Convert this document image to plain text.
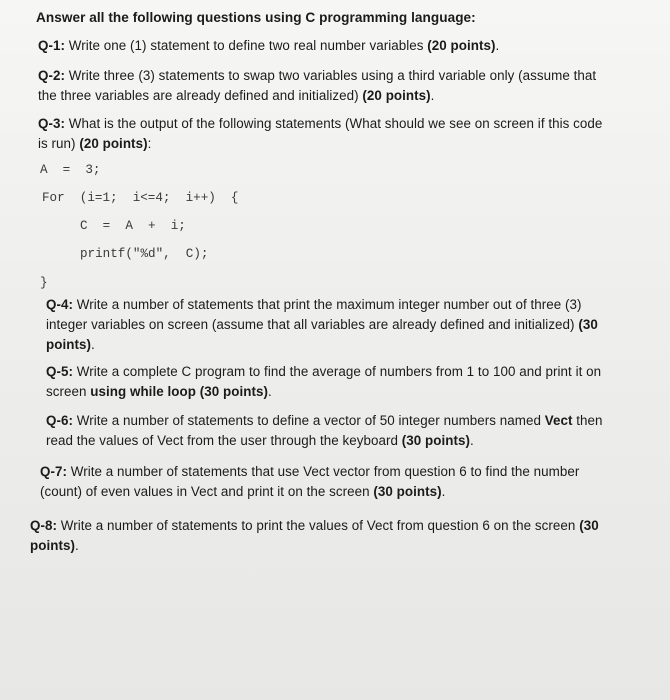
Answer all the following questions using C programming language:
Q-1: Write one (1) statement to define two real number variables (20 points).
Q-2: Write three (3) statements to swap two variables using a third variable only (assume that
the three variables are already defined and initialized) (20 points).
Q-3: What is the output of the following statements (What should we see on screen if this code
is run) (20 points):
A  =  3;
For  (i=1;  i<=4;  i++)  {
C  =  A  +  i;
printf("%d",  C);
}
Q-4: Write a number of statements that print the maximum integer number out of three (3)
integer variables on screen (assume that all variables are already defined and initialized) (30
points).
Q-5: Write a complete C program to find the average of numbers from 1 to 100 and print it on
screen using while loop (30 points).
Q-6: Write a number of statements to define a vector of 50 integer numbers named Vect then
read the values of Vect from the user through the keyboard (30 points).
Q-7: Write a number of statements that use Vect vector from question 6 to find the number
(count) of even values in Vect and print it on the screen (30 points).
Q-8: Write a number of statements to print the values of Vect from question 6 on the screen (30
points).
